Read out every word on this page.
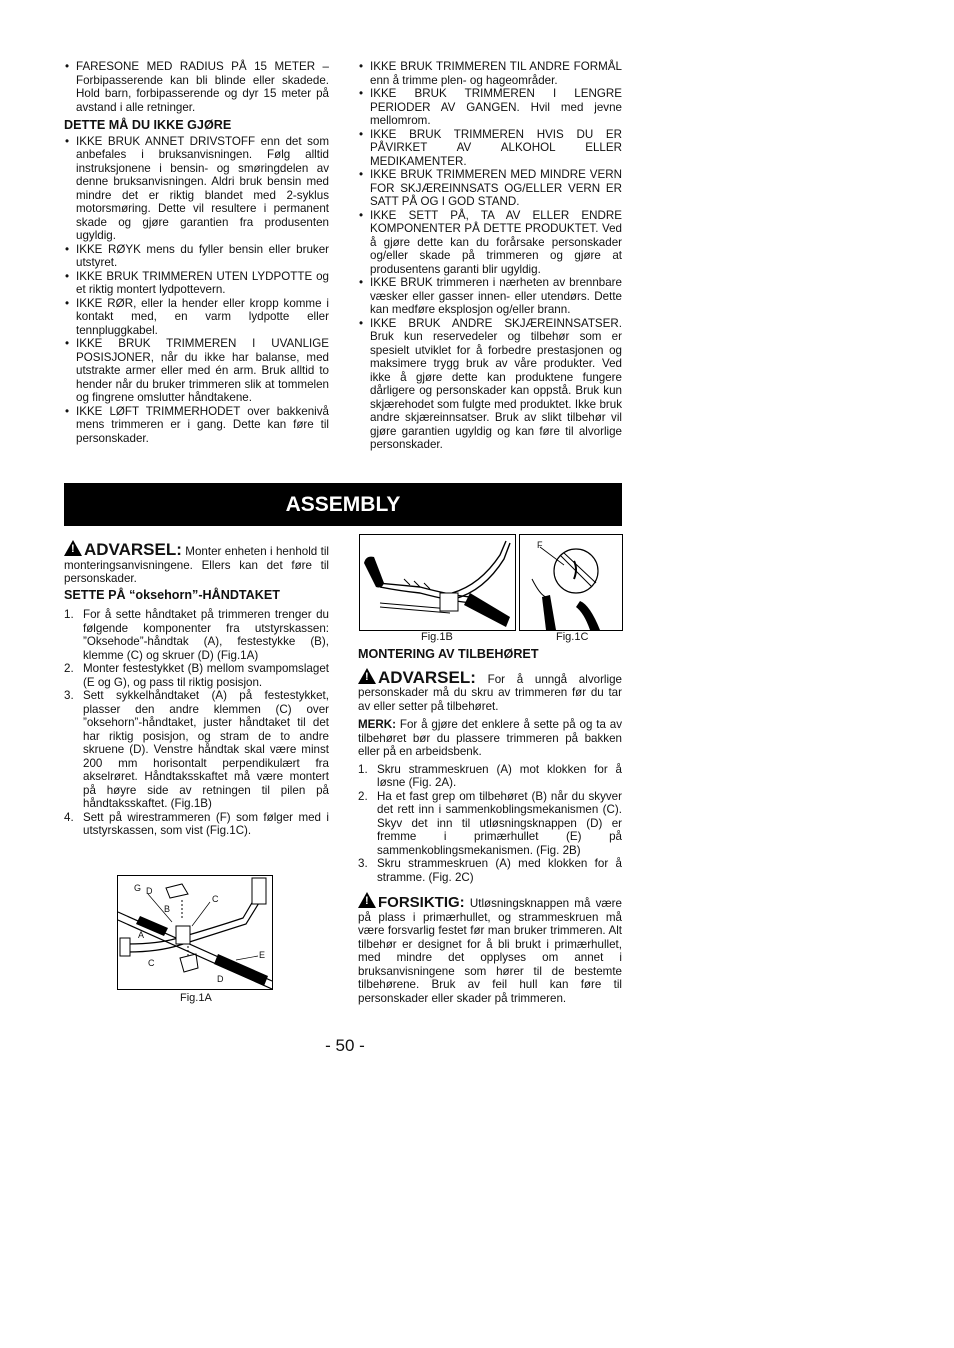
• FARESONE MED RADIUS PÅ 15 METER – Forbipasserende kan bli blinde eller skadede. Hold barn, forbipasserende og dyr 15 meter på avstand i alle retninger.
DETTE MÅ DU IKKE GJØRE
• IKKE BRUK ANNET DRIVSTOFF enn det som anbefales i bruksanvisningen. Følg alltid instruksjonene i bensin- og smøringdelen av denne bruksanvisningen. Aldri bruk bensin med mindre det er riktig blandet med 2-syklus motorsmøring. Dette vil resultere i permanent skade og gjøre garantien fra produsenten ugyldig.
• IKKE RØYK mens du fyller bensin eller bruker utstyret.
• IKKE BRUK TRIMMEREN UTEN LYDPOTTE og et riktig montert lydpottevern.
• IKKE RØR, eller la hender eller kropp komme i kontakt med, en varm lydpotte eller tennpluggkabel.
• IKKE BRUK TRIMMEREN I UVANLIGE POSISJONER, når du ikke har balanse, med utstrakte armer eller med én arm. Bruk alltid to hender når du bruker trimmeren slik at tommelen og fingrene omslutter håndtakene.
• IKKE LØFT TRIMMERHODET over bakkenivå mens trimmeren er i gang. Dette kan føre til personskader.
• IKKE BRUK TRIMMEREN TIL ANDRE FORMÅL enn å trimme plen- og hageområder.
• IKKE BRUK TRIMMEREN I LENGRE PERIODER AV GANGEN. Hvil med jevne mellomrom.
• IKKE BRUK TRIMMEREN HVIS DU ER PÅVIRKET AV ALKOHOL ELLER MEDIKAMENTER.
• IKKE BRUK TRIMMEREN MED MINDRE VERN FOR SKJÆREINNSATS OG/ELLER VERN ER SATT PÅ OG I GOD STAND.
• IKKE SETT PÅ, TA AV ELLER ENDRE KOMPONENTER PÅ DETTE PRODUKTET. Ved å gjøre dette kan du forårsake personskader og/eller skade på trimmeren og gjøre at produsentens garanti blir ugyldig.
• IKKE BRUK trimmeren i nærheten av brennbare væsker eller gasser innen- eller utendørs. Dette kan medføre eksplosjon og/eller brann.
• IKKE BRUK ANDRE SKJÆREINNSATSER. Bruk kun reservedeler og tilbehør som er spesielt utviklet for å forbedre prestasjonen og maksimere trygg bruk av våre produkter. Ved ikke å gjøre dette kan produktene fungere dårligere og personskader kan oppstå. Bruk kun skjærehodet som fulgte med produktet. Ikke bruk andre skjæreinnsatser. Bruk av slikt tilbehør vil gjøre garantien ugyldig og kan føre til alvorlige personskader.
ASSEMBLY
!ADVARSEL: Monter enheten i henhold til monteringsanvisningene. Ellers kan det føre til personskader.
SETTE PÅ “oksehorn”-HÅNDTAKET
1. For å sette håndtaket på trimmeren trenger du følgende komponenter fra utstyrskassen: ”Oksehode”-håndtak (A), festestykke (B), klemme (C) og skruer (D) (Fig.1A)
2. Monter festestykket (B) mellom svampomslaget (E og G), og pass til riktig posisjon.
3. Sett sykkelhåndtaket (A) på festestykket, plasser den andre klemmen (C) over ”oksehorn”-håndtaket, juster håndtaket til det har riktig posisjon, og stram de to andre skruene (D). Venstre håndtak skal være minst 200 mm horisontalt perpendikulært fra akselrøret. Håndtaksskaftet må være montert på høyre side av retningen til pilen på håndtaksskaftet. (Fig.1B)
4. Sett på wirestrammeren (F) som følger med i utstyrskassen, som vist (Fig.1C).
G D
B
C
A
C
E
D
Fig.1A
Fig.1B
F
Fig.1C
MONTERING AV TILBEHØRET
!ADVARSEL: For å unngå alvorlige personskader må du skru av trimmeren før du tar av eller setter på tilbehøret.
MERK: For å gjøre det enklere å sette på og ta av tilbehøret bør du plassere trimmeren på bakken eller på en arbeidsbenk.
1. Skru strammeskruen (A) mot klokken for å løsne (Fig. 2A).
2. Ha et fast grep om tilbehøret (B) når du skyver det rett inn i sammenkoblingsmekanismen (C). Skyv det inn til utløsningsknappen (D) er fremme i primærhullet (E) på sammenkoblingsmekanismen. (Fig. 2B)
3. Skru strammeskruen (A) med klokken for å stramme. (Fig. 2C)
!FORSIKTIG: Utløsningsknappen må være på plass i primærhullet, og strammeskruen må være forsvarlig festet før man bruker trimmeren. Alt tilbehør er designet for å bli brukt i primærhullet, med mindre det opplyses om annet i bruksanvisningene som hører til de bestemte tilbehørene. Bruk av feil hull kan føre til personskader eller skader på trimmeren.
- 50 -
